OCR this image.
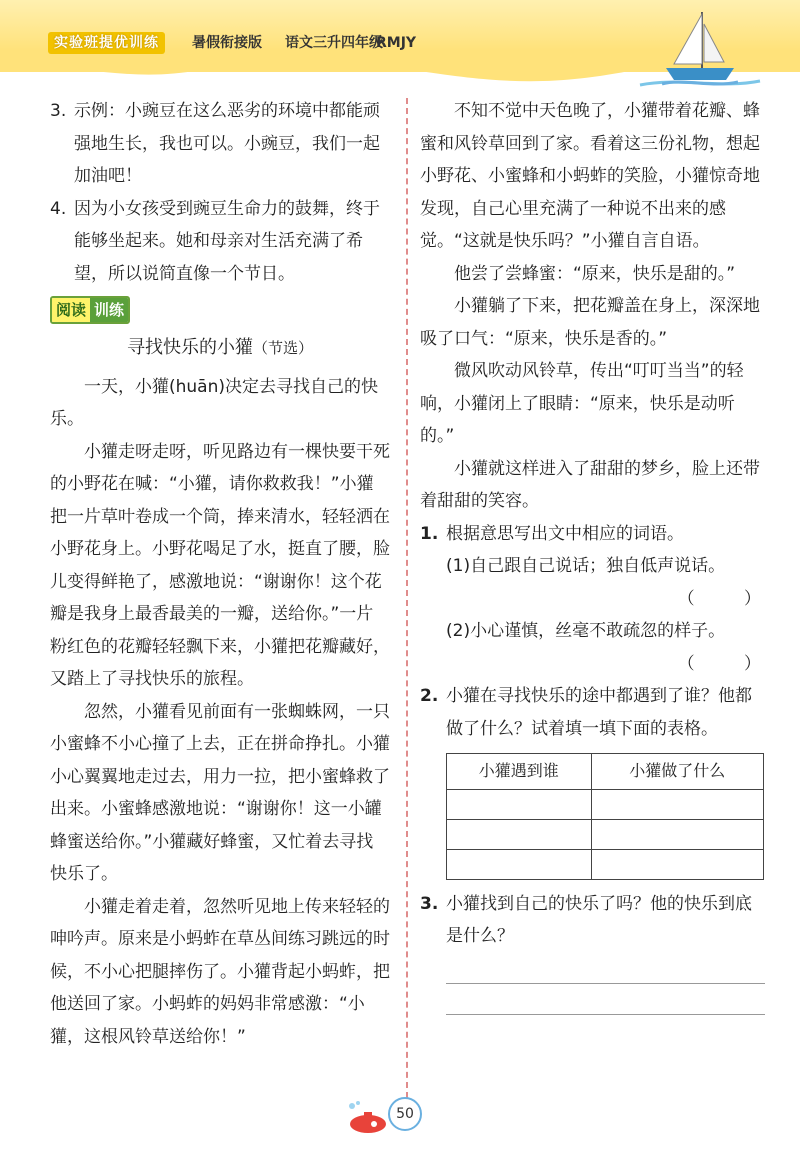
实验班提优训练	暑假衔接版 语文三升四年级
RMJY
3. 示例：小豌豆在这么恶劣的环境中都能顽强地生长，我也可以。小豌豆，我们一起加油吧！
4. 因为小女孩受到豌豆生命力的鼓舞，终于能够坐起来。她和母亲对生活充满了希望，所以说简直像一个节日。
阅读 训练
寻找快乐的小獾（节选）

一天，小獾(huān)决定去寻找自己的快乐。

小獾走呀走呀，听见路边有一棵快要干死的小野花在喊：“小獾，请你救救我！”小獾把一片草叶卷成一个筒，捧来清水，轻轻洒在小野花身上。小野花喝足了水，挺直了腰，脸儿变得鲜艳了，感激地说：“谢谢你！这个花瓣是我身上最香最美的一瓣，送给你。”一片粉红色的花瓣轻轻飘下来，小獾把花瓣藏好，又踏上了寻找快乐的旅程。

忽然，小獾看见前面有一张蜘蛛网，一只小蜜蜂不小心撞了上去，正在拼命挣扎。小獾小心翼翼地走过去，用力一拉，把小蜜蜂救了出来。小蜜蜂感激地说：“谢谢你！这一小罐蜂蜜送给你。”小獾藏好蜂蜜，又忙着去寻找快乐了。

小獾走着走着，忽然听见地上传来轻轻的呻吟声。原来是小蚂蚱在草丛间练习跳远的时候，不小心把腿摔伤了。小獾背起小蚂蚱，把他送回了家。小蚂蚱的妈妈非常感激：“小獾，这根风铃草送给你！”

不知不觉中天色晚了，小獾带着花瓣、蜂蜜和风铃草回到了家。看着这三份礼物，想起小野花、小蜜蜂和小蚂蚱的笑脸，小獾惊奇地发现，自己心里充满了一种说不出来的感觉。“这就是快乐吗？”小獾自言自语。

他尝了尝蜂蜜：“原来，快乐是甜的。”

小獾躺了下来，把花瓣盖在身上，深深地吸了口气：“原来，快乐是香的。”

微风吹动风铃草，传出“叮叮当当”的轻响，小獾闭上了眼睛：“原来，快乐是动听的。”

小獾就这样进入了甜甜的梦乡，脸上还带着甜甜的笑容。

1. 根据意思写出文中相应的词语。
(1)自己跟自己说话；独自低声说话。
（ ）
(2)小心谨慎，丝毫不敢疏忽的样子。
（ ）
2. 小獾在寻找快乐的途中都遇到了谁？他都做了什么？试着填一填下面的表格。
小獾遇到谁	小獾做了什么

3. 小獾找到自己的快乐了吗？他的快乐到底是什么？
50
